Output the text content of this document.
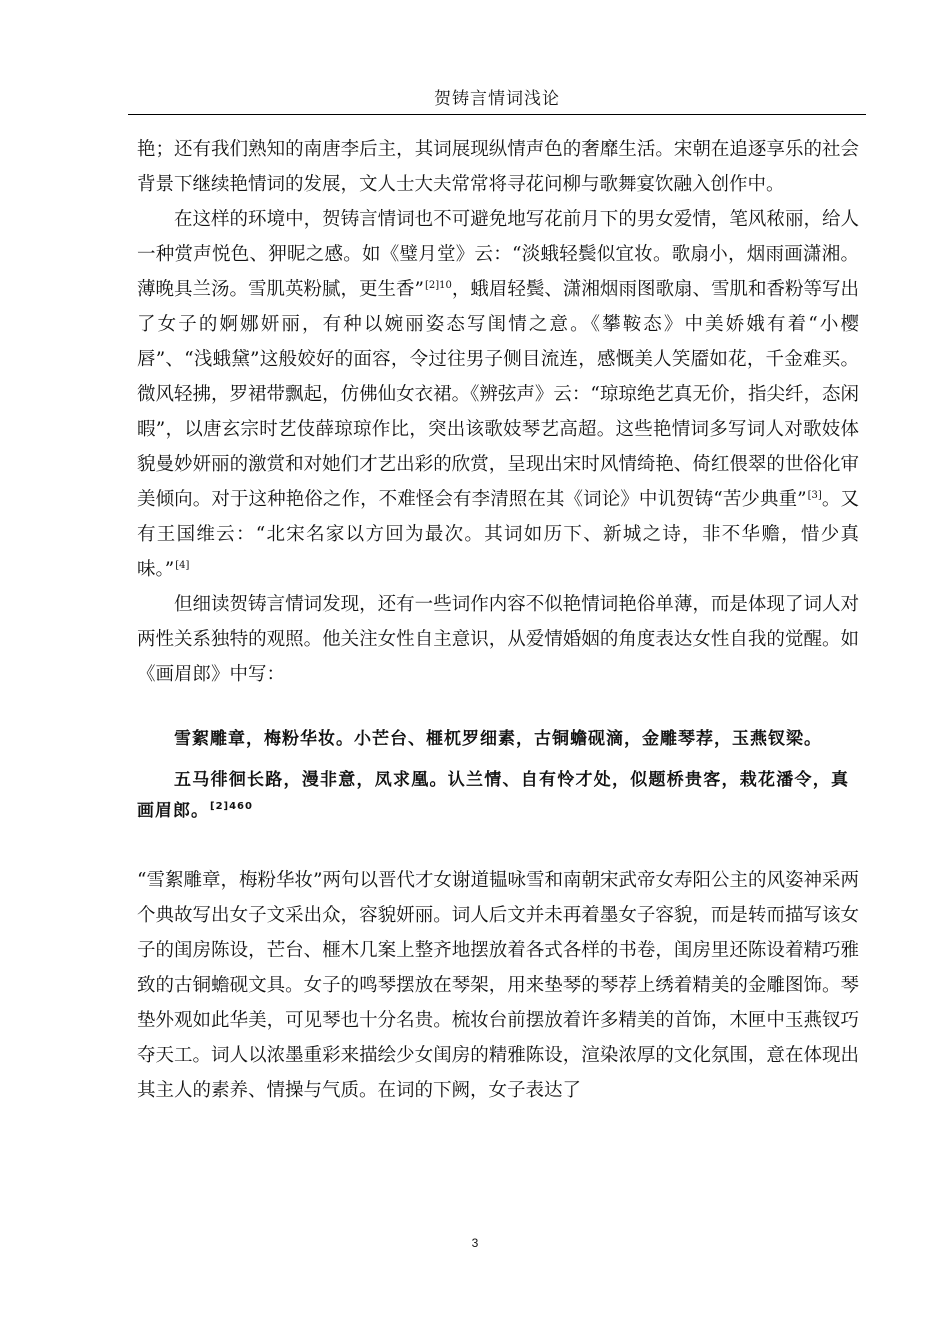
贺铸言情词浅论

艳；还有我们熟知的南唐李后主，其词展现纵情声色的奢靡生活。宋朝在追逐享乐的社会背景下继续艳情词的发展，文人士大夫常常将寻花问柳与歌舞宴饮融入创作中。

在这样的环境中，贺铸言情词也不可避免地写花前月下的男女爱情，笔风秾丽，给人一种赏声悦色、狎昵之感。如《璧月堂》云：“淡蛾轻鬓似宜妆。歌扇小，烟雨画潇湘。薄晚具兰汤。雪肌英粉腻，更生香”$^{[2]10}$，蛾眉轻鬓、潇湘烟雨图歌扇、雪肌和香粉等写出了女子的婀娜妍丽，有种以婉丽姿态写闺情之意。《攀鞍态》中美娇娥有着“小樱唇”、“浅蛾黛”这般姣好的面容，令过往男子侧目流连，感慨美人笑靥如花，千金难买。微风轻拂，罗裙带飘起，仿佛仙女衣裙。《辨弦声》云：“琼琼绝艺真无价，指尖纤，态闲暇”，以唐玄宗时艺伎薛琼琼作比，突出该歌妓琴艺高超。这些艳情词多写词人对歌妓体貌曼妙妍丽的激赏和对她们才艺出彩的欣赏，呈现出宋时风情绮艳、倚红偎翠的世俗化审美倾向。对于这种艳俗之作，不难怪会有李清照在其《词论》中讥贺铸“苦少典重”[3]。又有王国维云：“北宋名家以方回为最次。其词如历下、新城之诗，非不华赡，惜少真味。”[4]

但细读贺铸言情词发现，还有一些词作内容不似艳情词艳俗单薄，而是体现了词人对两性关系独特的观照。他关注女性自主意识，从爱情婚姻的角度表达女性自我的觉醒。如《画眉郎》中写：

雪絮雕章，梅粉华妆。小芒台、榧杌罗细素，古铜蟾砚滴，金雕琴荐，玉燕钗梁。

五马徘徊长路，漫非意，凤求凰。认兰情、自有怜才处，似题桥贵客，栽花潘令，真画眉郎。$^{[2]460}$

“雪絮雕章，梅粉华妆”两句以晋代才女谢道韫咏雪和南朝宋武帝女寿阳公主的风姿神采两个典故写出女子文采出众，容貌妍丽。词人后文并未再着墨女子容貌，而是转而描写该女子的闺房陈设，芒台、榧木几案上整齐地摆放着各式各样的书卷，闺房里还陈设着精巧雅致的古铜蟾砚文具。女子的鸣琴摆放在琴架，用来垫琴的琴荐上绣着精美的金雕图饰。琴垫外观如此华美，可见琴也十分名贵。梳妆台前摆放着许多精美的首饰，木匣中玉燕钗巧夺天工。词人以浓墨重彩来描绘少女闺房的精雅陈设，渲染浓厚的文化氛围，意在体现出其主人的素养、情操与气质。在词的下阙，女子表达了

3
